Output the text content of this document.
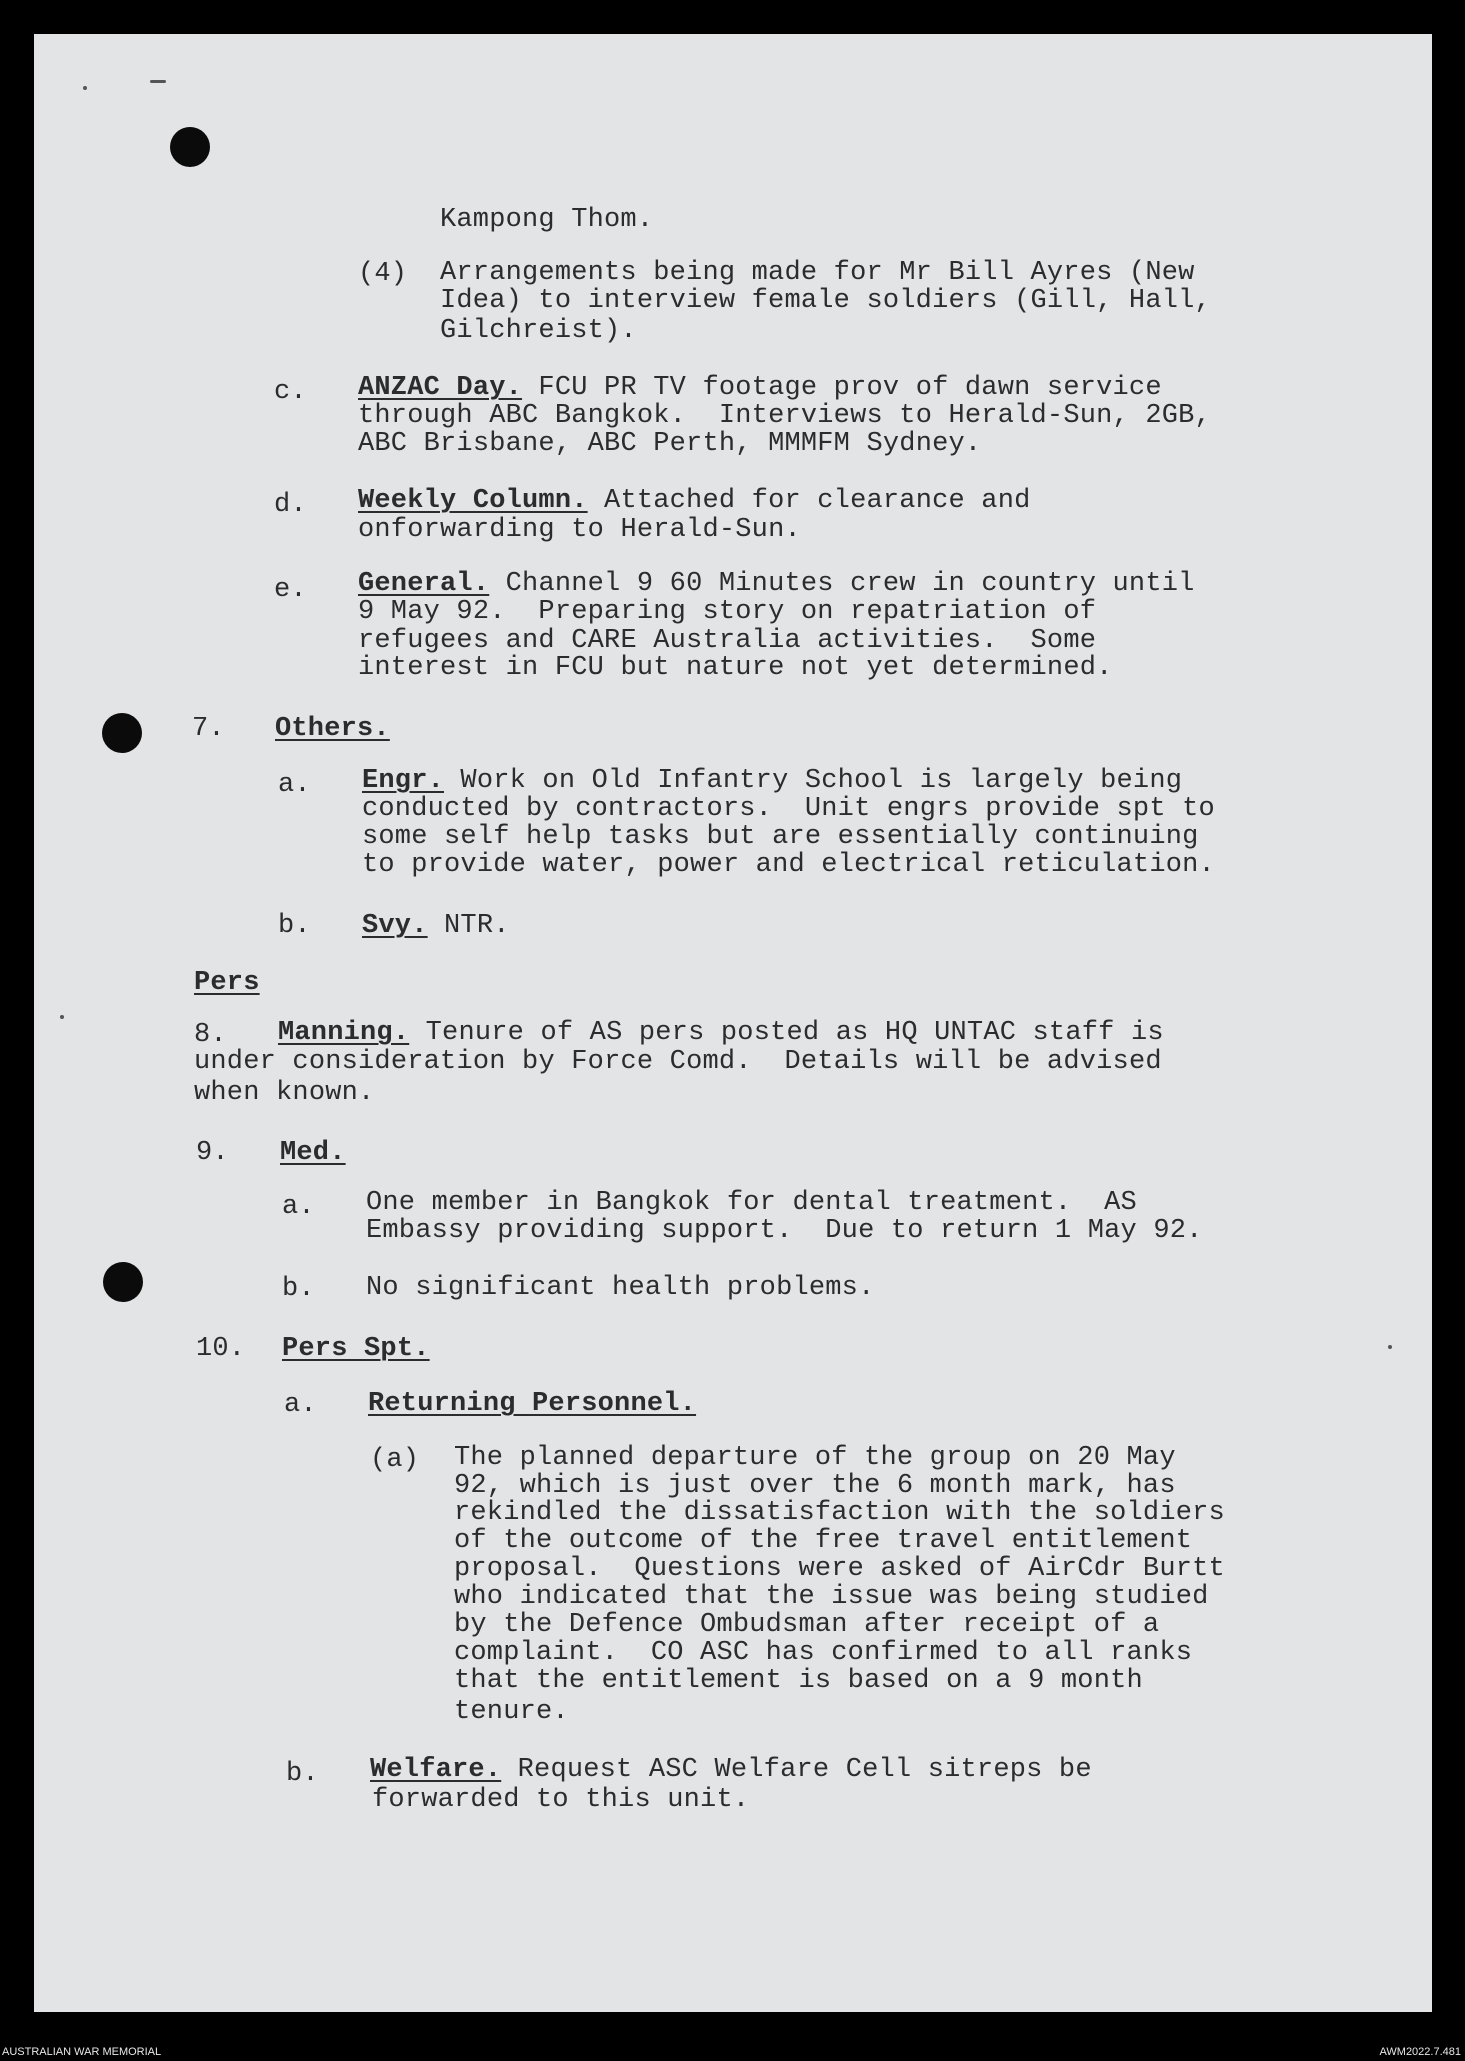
Kampong Thom.
(4) Arrangements being made for Mr Bill Ayres (New
Idea) to interview female soldiers (Gill, Hall,
Gilchreist).
c. ANZAC Day. FCU PR TV footage prov of dawn service
through ABC Bangkok.  Interviews to Herald-Sun, 2GB,
ABC Brisbane, ABC Perth, MMMFM Sydney.
d. Weekly Column. Attached for clearance and
onforwarding to Herald-Sun.
e. General. Channel 9 60 Minutes crew in country until
9 May 92.  Preparing story on repatriation of
refugees and CARE Australia activities.  Some
interest in FCU but nature not yet determined.
7. Others.
a. Engr. Work on Old Infantry School is largely being
conducted by contractors.  Unit engrs provide spt to
some self help tasks but are essentially continuing
to provide water, power and electrical reticulation.
b. Svy. NTR.
Pers
8. Manning. Tenure of AS pers posted as HQ UNTAC staff is
under consideration by Force Comd.  Details will be advised
when known.
9. Med.
a. One member in Bangkok for dental treatment.  AS
Embassy providing support.  Due to return 1 May 92.
b. No significant health problems.
10. Pers Spt.
a. Returning Personnel.
(a) The planned departure of the group on 20 May
92, which is just over the 6 month mark, has
rekindled the dissatisfaction with the soldiers
of the outcome of the free travel entitlement
proposal.  Questions were asked of AirCdr Burtt
who indicated that the issue was being studied
by the Defence Ombudsman after receipt of a
complaint.  CO ASC has confirmed to all ranks
that the entitlement is based on a 9 month
tenure.
b. Welfare. Request ASC Welfare Cell sitreps be
forwarded to this unit.
AUSTRALIAN WAR MEMORIAL	AWM2022.7.481
